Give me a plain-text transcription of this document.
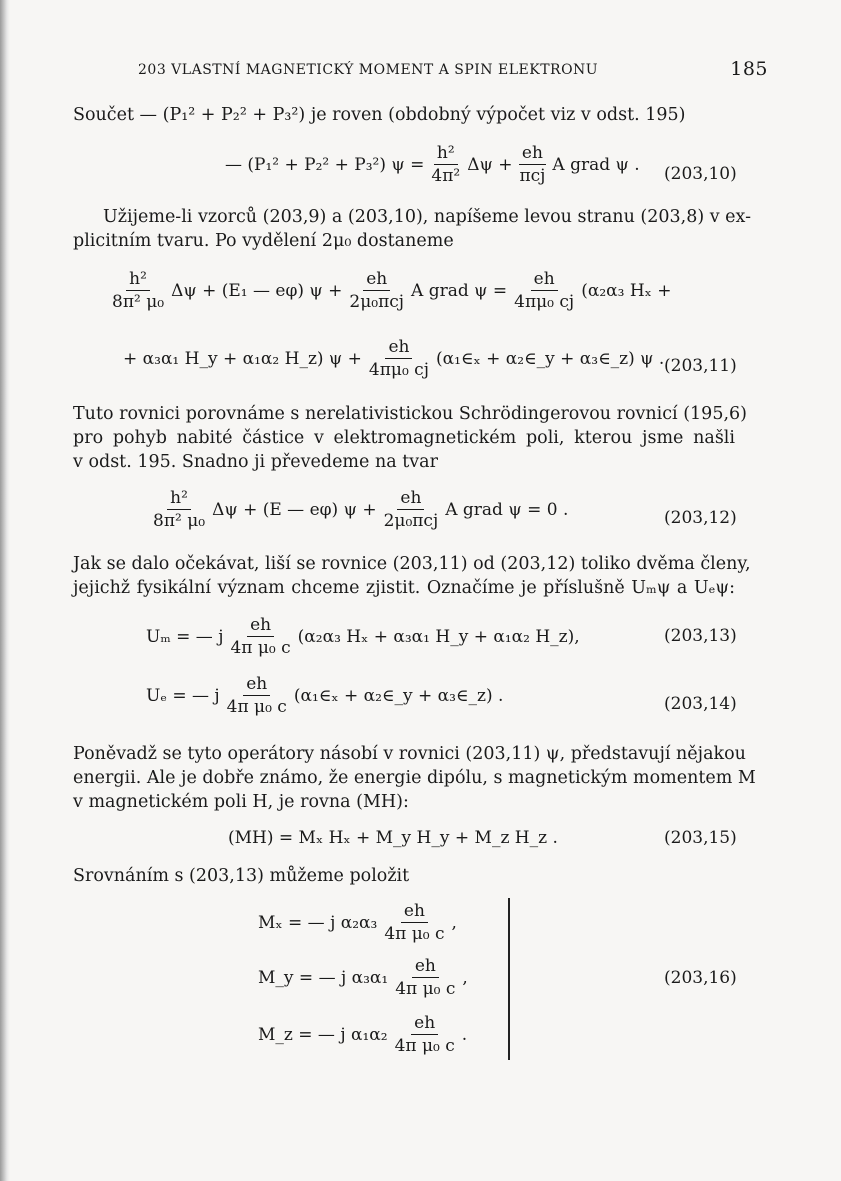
203 VLASTNÍ MAGNETICKÝ MOMENT A SPIN ELEKTRONU	185
Součet — (P₁² + P₂² + P₃²) je roven (obdobný výpočet viz v odst. 195)
— (P₁² + P₂² + P₃²) $\psi = \frac{\text{h²}}{\text{4π²}}$ $\Delta\psi + \frac{eh}{\text{πcj}}$ A grad ψ . (203,10)
Užijeme-li vzorců (203,9) a (203,10), napíšeme levou stranu (203,8) v ex-
plicitním tvaru. Po vydělení 2μ₀ dostaneme
$\frac{\text{h²}}{\text{8π² μ₀}}$ Δψ + (E₁ — eφ) $\psi + \frac{eh}{\text{2μ₀πcj}}$ A grad $\psi = \frac{eh}{\text{4πμ₀ cj}} (\alpha_2\alpha_3$ Hₓ +
+ α₃α₁ H_y + α₁α₂ H_z) $\psi + \frac{eh}{\text{4πμ₀ cj}}$ (α₁∈ₓ + α₂∈_y + α₃∈_z) ψ . (203,11)
Tuto rovnici porovnáme s nerelativistickou Schrödingerovou rovnicí (195,6)
pro pohyb nabité částice v elektromagnetickém poli, kterou jsme našli
v odst. 195. Snadno ji převedeme na tvar
$\frac{\text{h²}}{\text{8π² μ₀}}$ Δψ + (E — eφ) $\psi + \frac{eh}{\text{2μ₀πcj}}$ A grad ψ = 0 .	(203,12)
Jak se dalo očekávat, liší se rovnice (203,11) od (203,12) toliko dvěma členy,
jejichž fysikální význam chceme zjistit. Označíme je příslušně Uₘψ a Uₑψ:
Uₘ = — j $\frac{eh}{\text{4π μ₀ c}} (\alpha_2\alpha_3$ Hₓ + α₃α₁ H_y + α₁α₂ H_z),	(203,13)
Uₑ = — j $\frac{eh}{\text{4π μ₀ c}}$ (α₁∈ₓ + α₂∈_y + α₃∈_z) .	(203,14)
Poněvadž se tyto operátory násobí v rovnici (203,11) ψ, představují nějakou
energii. Ale je dobře známo, že energie dipólu, s magnetickým momentem M
v magnetickém poli H, je rovna (MH):
(MH) = Mₓ Hₓ + M_y H_y + M_z H_z .	(203,15)
Srovnáním s (203,13) můžeme položit
Mₓ = — j $\alpha_2\alpha_3 \frac{eh}{\text{4π μ₀ c}}$ ,
M_y = — j $\alpha_3\alpha_1 \frac{eh}{\text{4π μ₀ c}}$ ,
M_z = — j $\alpha_1\alpha_2 \frac{eh}{\text{4π μ₀ c}}$ .
(203,16)
